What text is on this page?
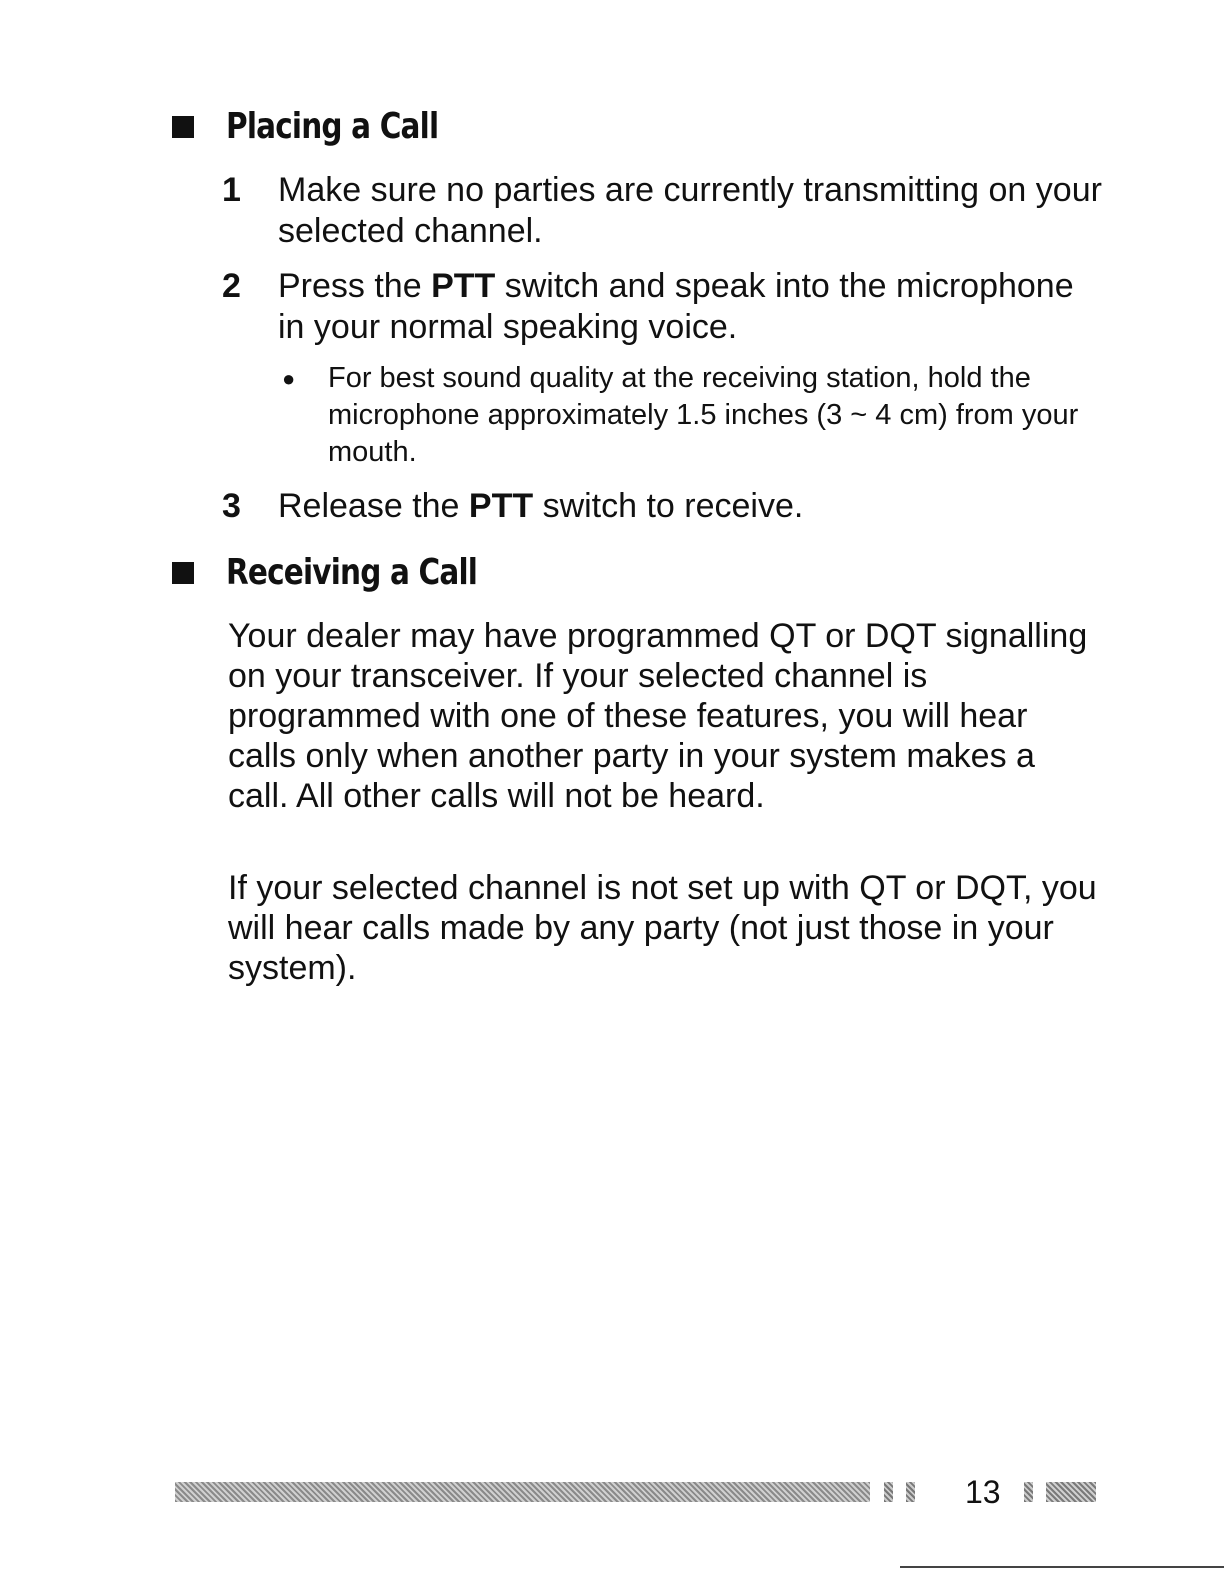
Placing a Call
1	Make sure no parties are currently transmitting on your selected channel.
2	Press the PTT switch and speak into the microphone in your normal speaking voice.
●	For best sound quality at the receiving station, hold the microphone approximately 1.5 inches (3 ~ 4 cm) from your mouth.
3	Release the PTT switch to receive.
Receiving a Call
Your dealer may have programmed QT or DQT signalling on your transceiver. If your selected channel is programmed with one of these features, you will hear calls only when another party in your system makes a call. All other calls will not be heard.
If your selected channel is not set up with QT or DQT, you will hear calls made by any party (not just those in your system).
13
